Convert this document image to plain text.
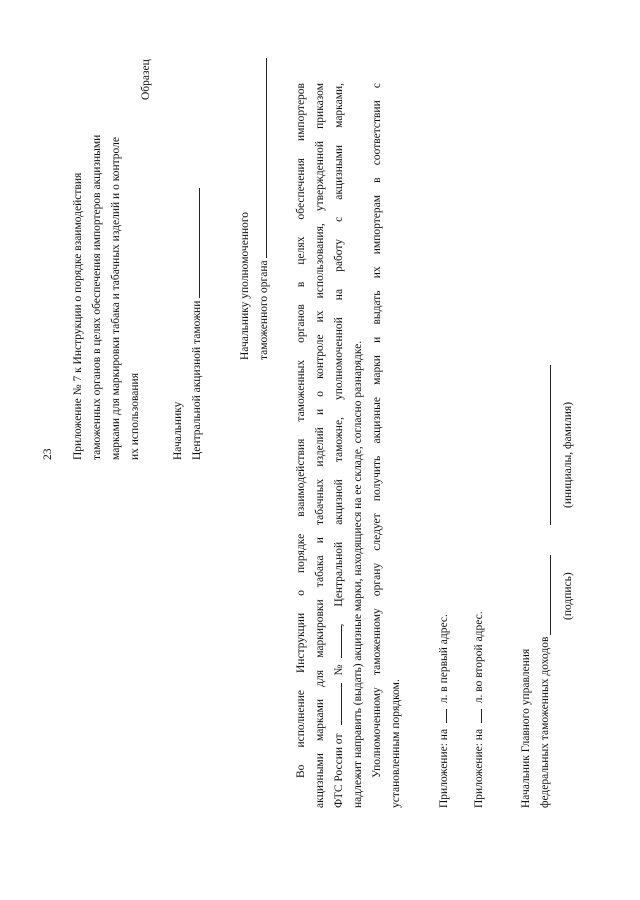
23 Приложение № 7 к Инструкции о порядке взаимодействия таможенных органов в целях обеспечения импортеров акцизными марками для маркировки табака и табачных изделий и о контроле их использования
Образец
Начальнику Центральной акцизной таможни
Начальнику уполномоченного таможенного органа Во исполнение Инструкции о порядке взаимодействия таможенных органов в целях обеспечения импортеров акцизными марками для маркировки табака и табачных изделий и о контроле их использования, утвержденной приказом ФТС России от
№
, Центральной акцизной таможне, уполномоченной на работу с акцизными марками, надлежит направить (выдать) акцизные марки, находящиеся на ее складе, согласно разнарядке. Уполномоченному таможенному органу следует получить акцизные марки и выдать их импортерам в соответствии с установленным порядком.	Приложение: на  л. в первый адрес.
Приложение: на  л. во второй адрес.	Начальник Главного управления федеральных таможенных доходов
(подпись)
(инициалы, фамилия)
